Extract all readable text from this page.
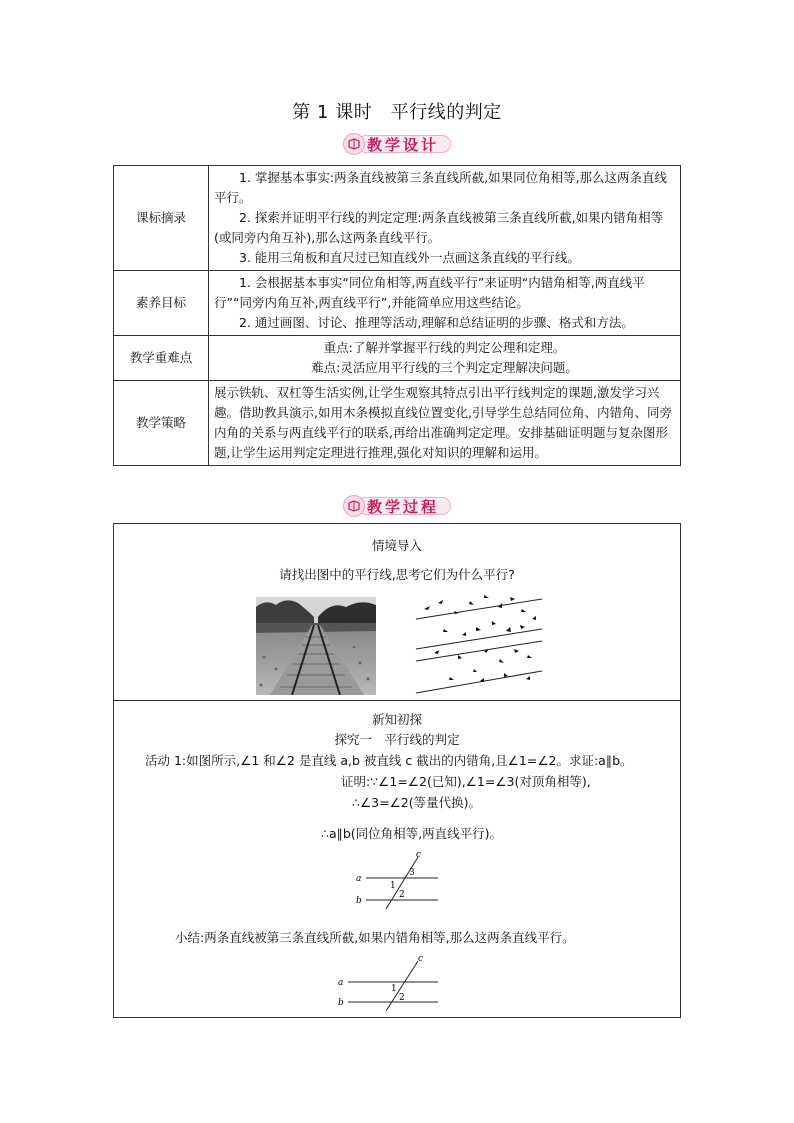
第 1 课时　平行线的判定
教学设计
课标摘录	1. 掌握基本事实:两条直线被第三条直线所截,如果同位角相等,那么这两条直线平行。
2. 探索并证明平行线的判定定理:两条直线被第三条直线所截,如果内错角相等(或同旁内角互补),那么这两条直线平行。
3. 能用三角板和直尺过已知直线外一点画这条直线的平行线。

素养目标	1. 会根据基本事实“同位角相等,两直线平行”来证明“内错角相等,两直线平行”“同旁内角互补,两直线平行”,并能简单应用这些结论。
2. 通过画图、讨论、推理等活动,理解和总结证明的步骤、格式和方法。

教学重难点	重点:了解并掌握平行线的判定公理和定理。
难点:灵活应用平行线的三个判定定理解决问题。

教学策略	展示铁轨、双杠等生活实例,让学生观察其特点引出平行线判定的课题,激发学习兴趣。借助教具演示,如用木条模拟直线位置变化,引导学生总结同位角、内错角、同旁内角的关系与两直线平行的联系,再给出准确判定定理。安排基础证明题与复杂图形题,让学生运用判定定理进行推理,强化对知识的理解和运用。
教学过程
情境导入
请找出图中的平行线,思考它们为什么平行?
新知初探
探究一　平行线的判定
活动 1:如图所示,∠1 和∠2 是直线 a,b 被直线 c 截出的内错角,且∠1=∠2。求证:a∥b。
证明:∵∠1=∠2(已知),∠1=∠3(对顶角相等),
∴∠3=∠2(等量代换)。
∴a∥b(同位角相等,两直线平行)。
a
b
c
1
2
3
小结:两条直线被第三条直线所截,如果内错角相等,那么这两条直线平行。
a
b
c
1
2
